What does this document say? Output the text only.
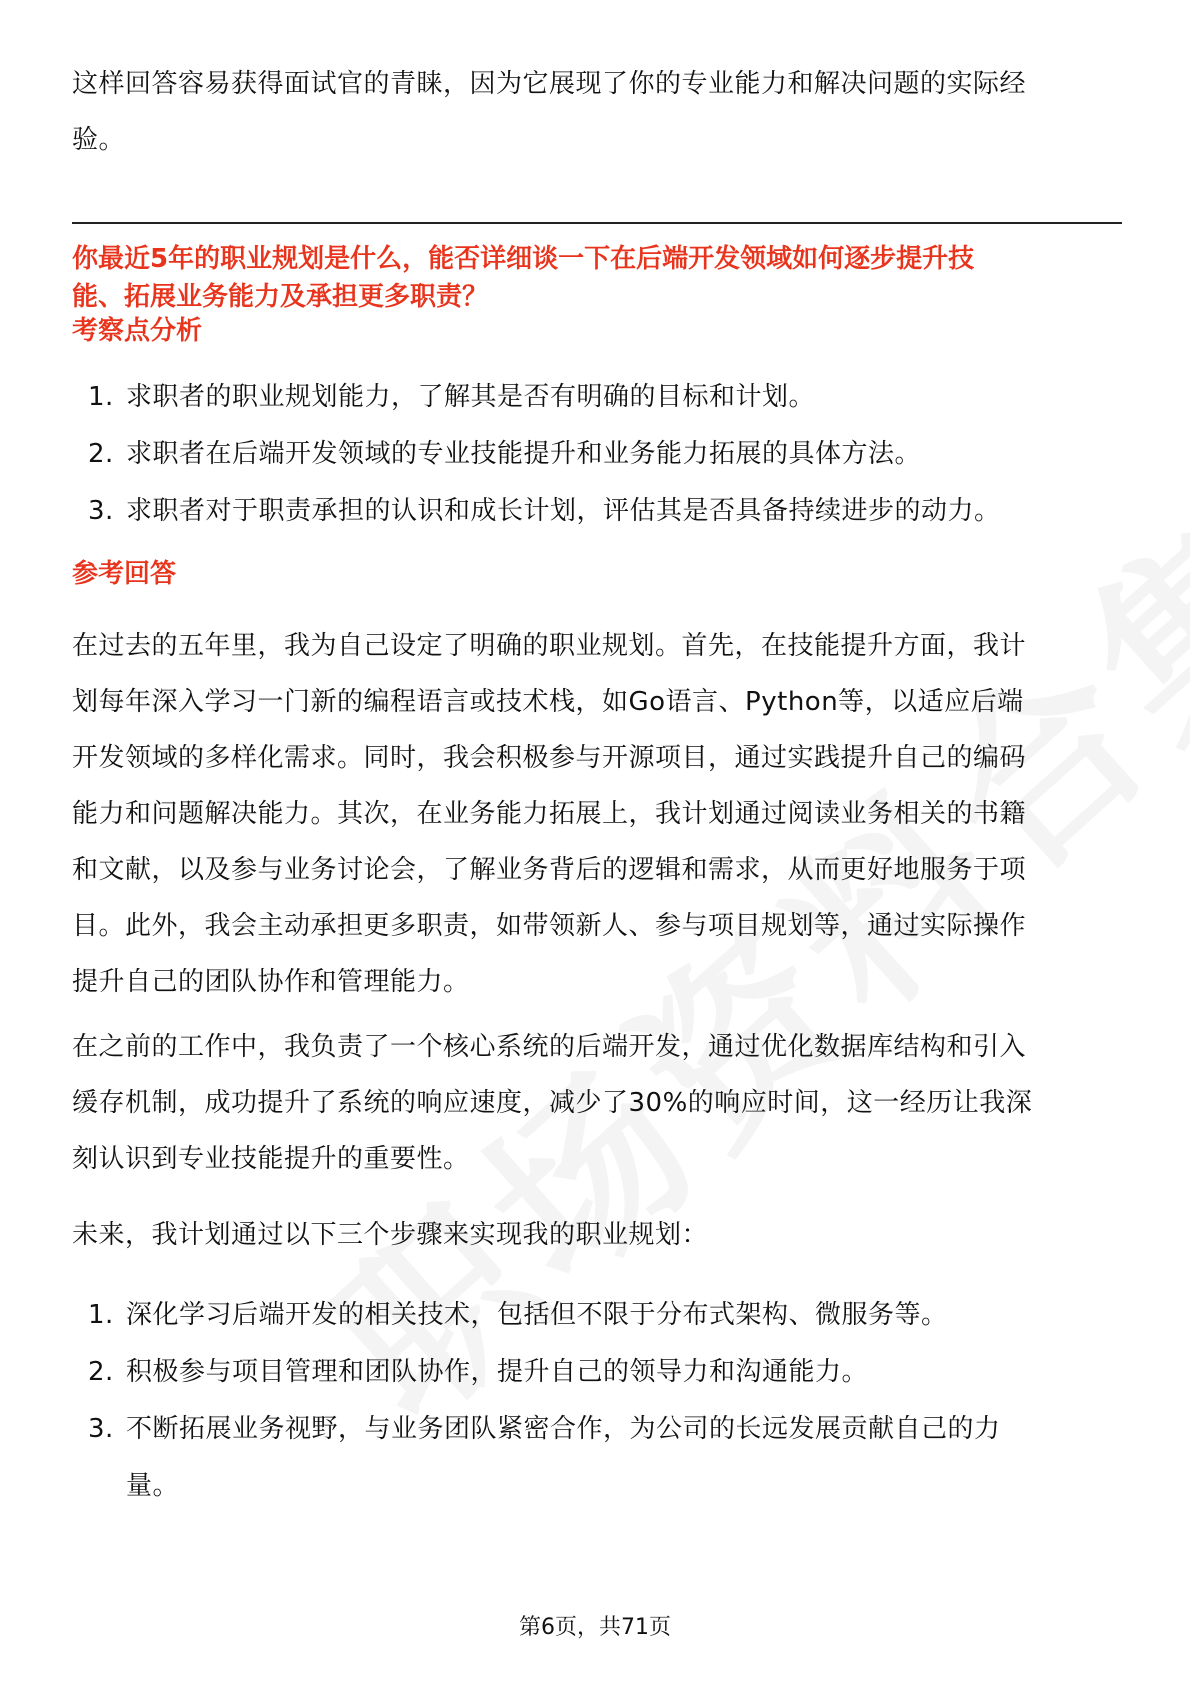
这样回答容易获得面试官的青睐，因为它展现了你的专业能力和解决问题的实际经

验。

你最近5年的职业规划是什么，能否详细谈一下在后端开发领域如何逐步提升技
能、拓展业务能力及承担更多职责？
考察点分析
1. 求职者的职业规划能力，了解其是否有明确的目标和计划。
2. 求职者在后端开发领域的专业技能提升和业务能力拓展的具体方法。
3. 求职者对于职责承担的认识和成长计划，评估其是否具备持续进步的动力。
参考回答

在过去的五年里，我为自己设定了明确的职业规划。首先，在技能提升方面，我计

划每年深入学习一门新的编程语言或技术栈，如Go语言、Python等，以适应后端

开发领域的多样化需求。同时，我会积极参与开源项目，通过实践提升自己的编码

能力和问题解决能力。其次，在业务能力拓展上，我计划通过阅读业务相关的书籍

和文献，以及参与业务讨论会，了解业务背后的逻辑和需求，从而更好地服务于项

目。此外，我会主动承担更多职责，如带领新人、参与项目规划等，通过实际操作

提升自己的团队协作和管理能力。

在之前的工作中，我负责了一个核心系统的后端开发，通过优化数据库结构和引入

缓存机制，成功提升了系统的响应速度，减少了30%的响应时间，这一经历让我深

刻认识到专业技能提升的重要性。

未来，我计划通过以下三个步骤来实现我的职业规划：

1. 深化学习后端开发的相关技术，包括但不限于分布式架构、微服务等。
2. 积极参与项目管理和团队协作，提升自己的领导力和沟通能力。
3. 不断拓展业务视野，与业务团队紧密合作，为公司的长远发展贡献自己的力
量。
第6页，共71页
